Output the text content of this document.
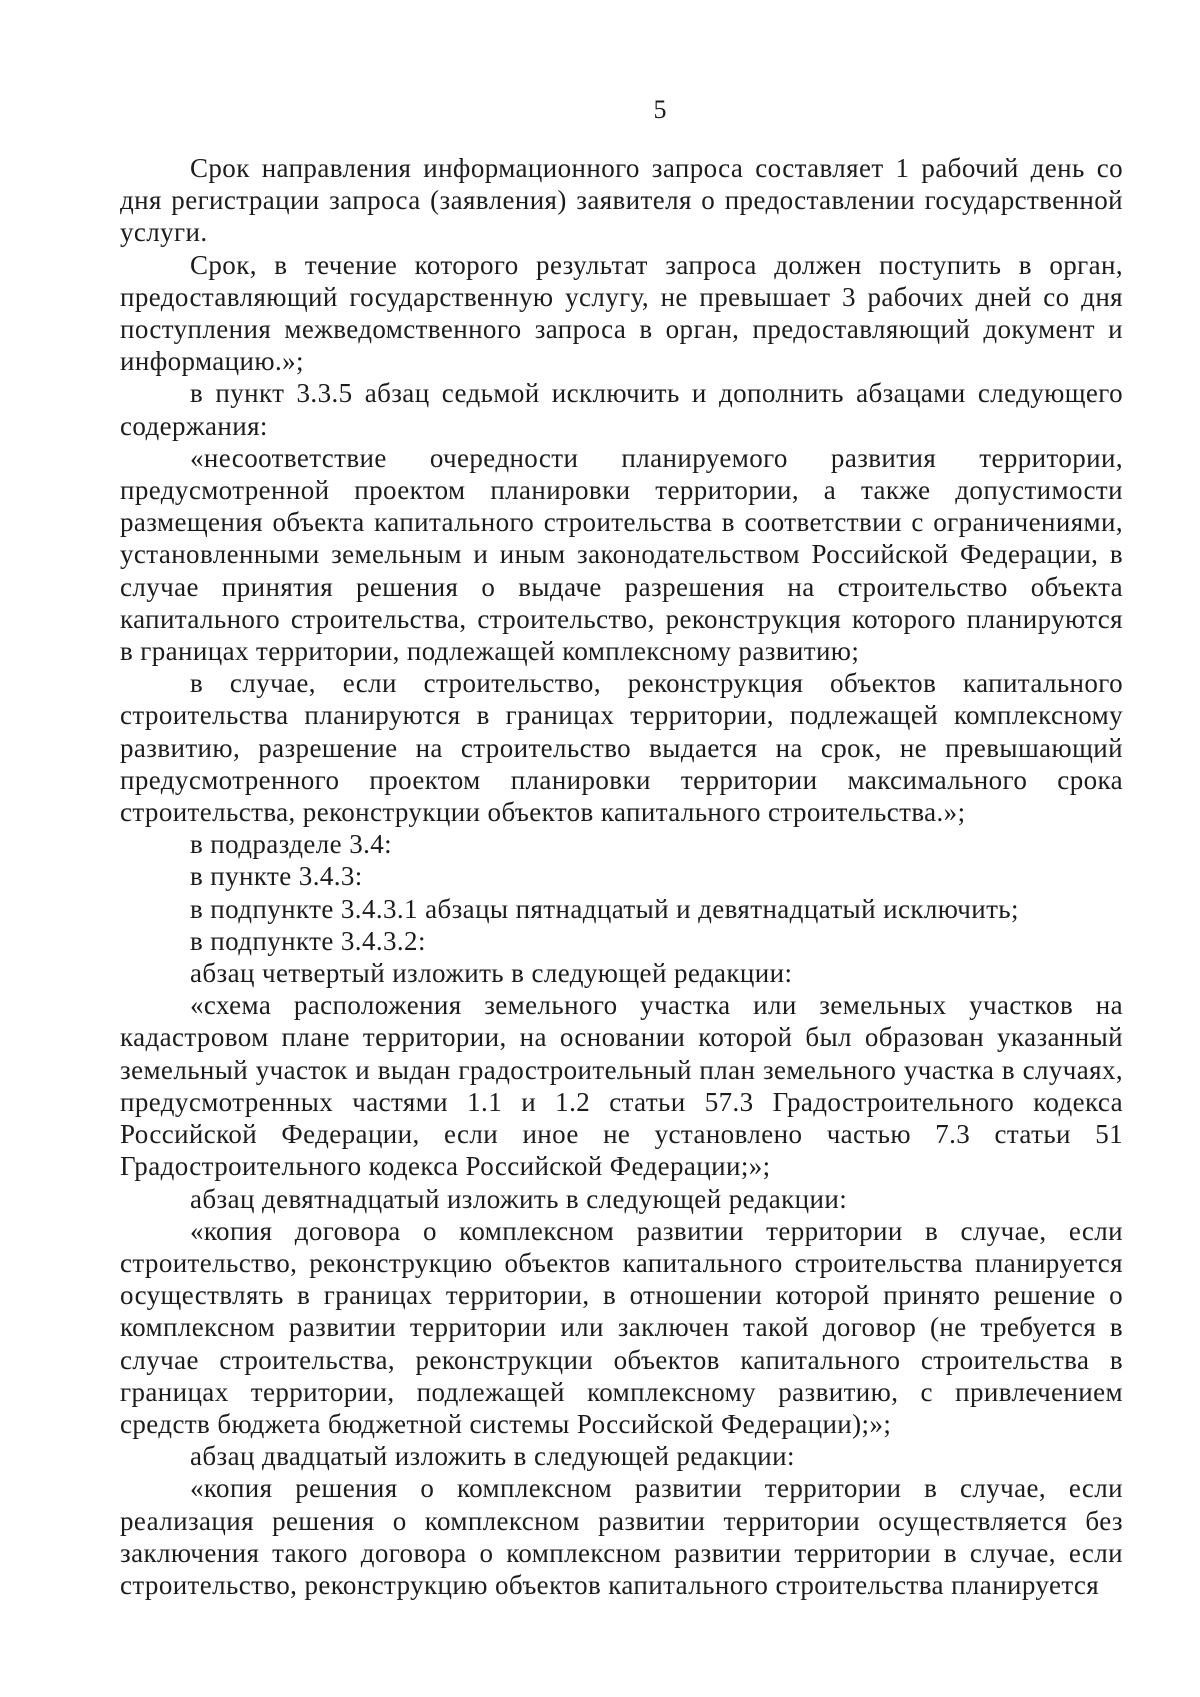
5

Срок направления информационного запроса составляет 1 рабочий день со дня регистрации запроса (заявления) заявителя о предоставлении государственной услуги.

Срок, в течение которого результат запроса должен поступить в орган, предоставляющий государственную услугу, не превышает 3 рабочих дней со дня поступления межведомственного запроса в орган, предоставляющий документ и информацию.»;

в пункт 3.3.5 абзац седьмой исключить и дополнить абзацами следующего содержания:

«несоответствие очередности планируемого развития территории, предусмотренной проектом планировки территории, а также допустимости размещения объекта капитального строительства в соответствии с ограничениями, установленными земельным и иным законодательством Российской Федерации, в случае принятия решения о выдаче разрешения на строительство объекта капитального строительства, строительство, реконструкция которого планируются в границах территории, подлежащей комплексному развитию;

в случае, если строительство, реконструкция объектов капитального строительства планируются в границах территории, подлежащей комплексному развитию, разрешение на строительство выдается на срок, не превышающий предусмотренного проектом планировки территории максимального срока строительства, реконструкции объектов капитального строительства.»;

в подразделе 3.4:

в пункте 3.4.3:

в подпункте 3.4.3.1 абзацы пятнадцатый и девятнадцатый исключить;

в подпункте 3.4.3.2:

абзац четвертый изложить в следующей редакции:

«схема расположения земельного участка или земельных участков на кадастровом плане территории, на основании которой был образован указанный земельный участок и выдан градостроительный план земельного участка в случаях, предусмотренных частями 1.1 и 1.2 статьи 57.3 Градостроительного кодекса Российской Федерации, если иное не установлено частью 7.3 статьи 51 Градостроительного кодекса Российской Федерации;»;

абзац девятнадцатый изложить в следующей редакции:

«копия договора о комплексном развитии территории в случае, если строительство, реконструкцию объектов капитального строительства планируется осуществлять в границах территории, в отношении которой принято решение о комплексном развитии территории или заключен такой договор (не требуется в случае строительства, реконструкции объектов капитального строительства в границах территории, подлежащей комплексному развитию, с привлечением средств бюджета бюджетной системы Российской Федерации);»;

абзац двадцатый изложить в следующей редакции:

«копия решения о комплексном развитии территории в случае, если реализация решения о комплексном развитии территории осуществляется без заключения такого договора о комплексном развитии территории в случае, если строительство, реконструкцию объектов капитального строительства планируется
